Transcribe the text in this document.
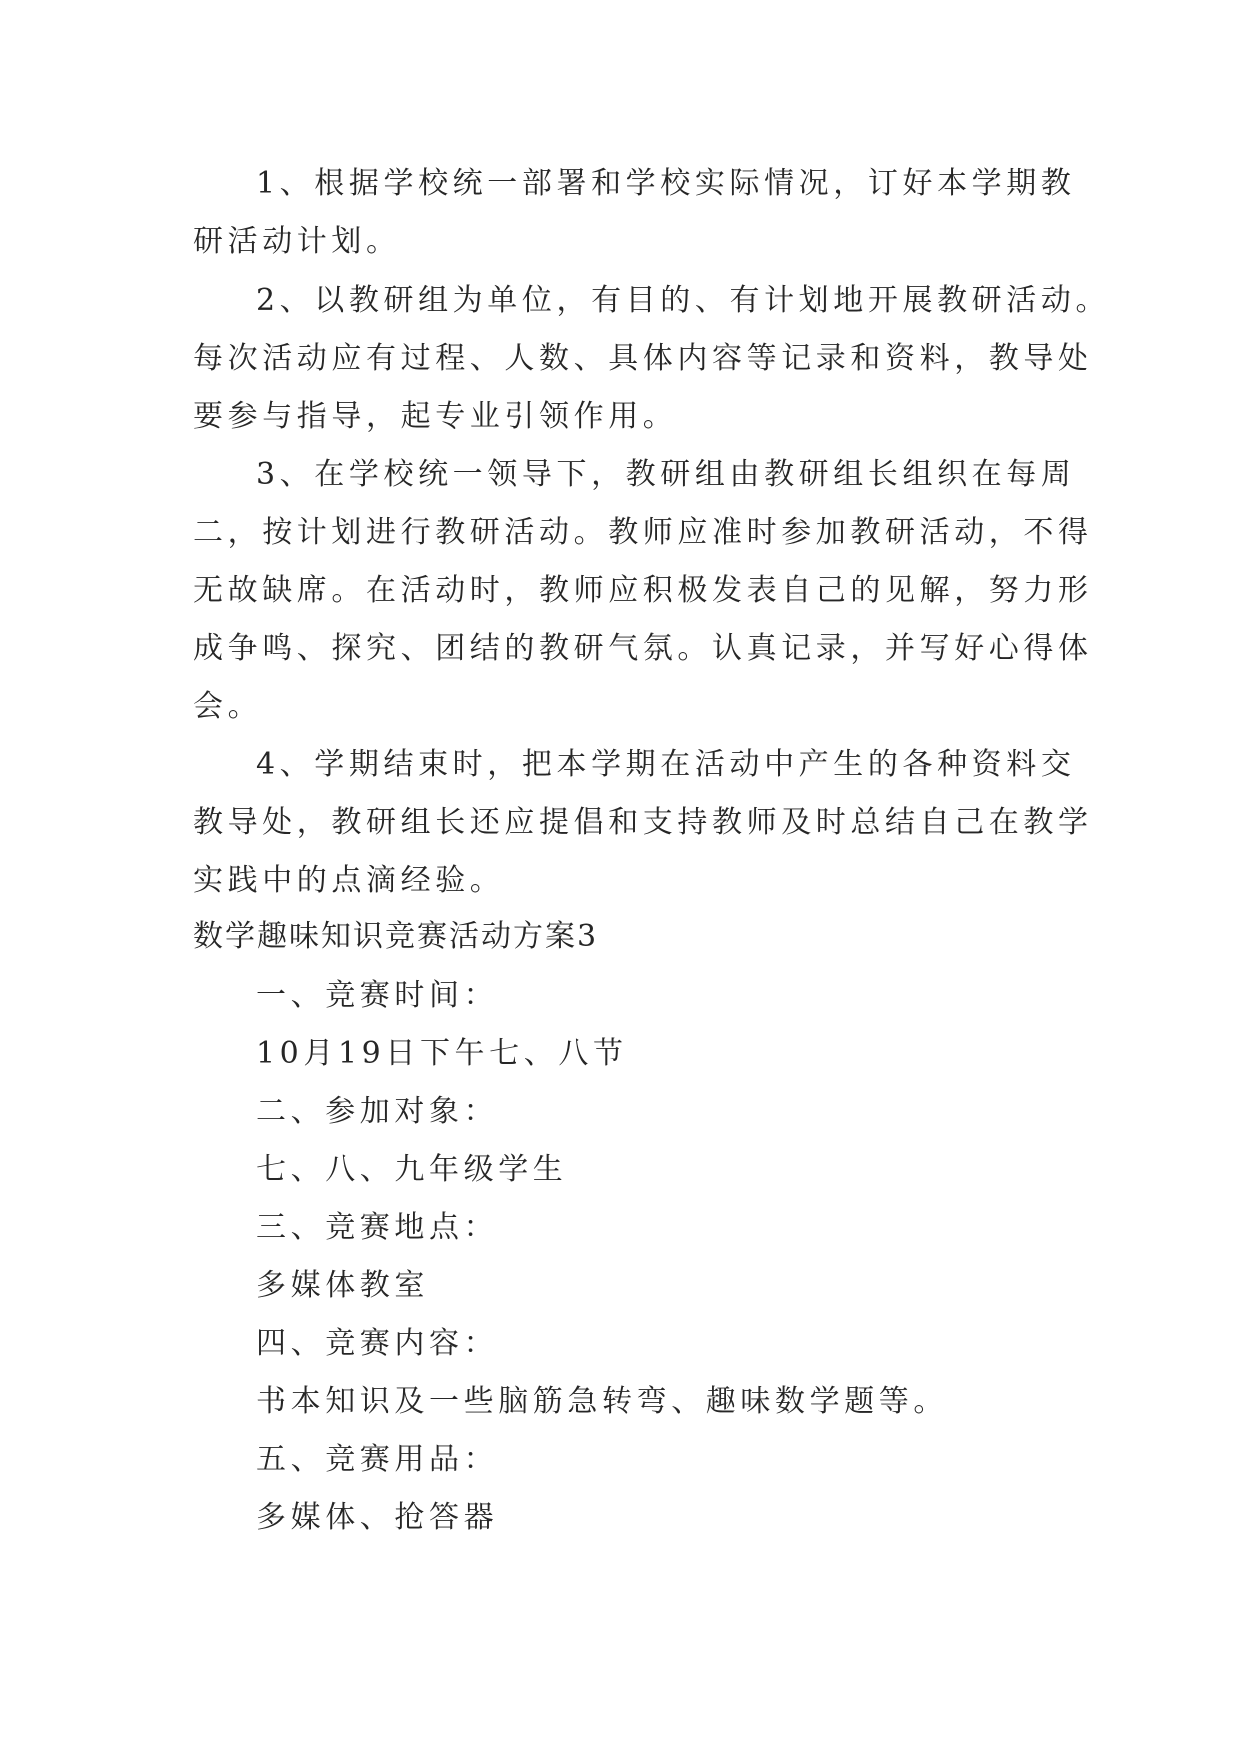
1、根据学校统一部署和学校实际情况，订好本学期教
研活动计划。
2、以教研组为单位，有目的、有计划地开展教研活动。
每次活动应有过程、人数、具体内容等记录和资料，教导处
要参与指导，起专业引领作用。
3、在学校统一领导下，教研组由教研组长组织在每周
二，按计划进行教研活动。教师应准时参加教研活动，不得
无故缺席。在活动时，教师应积极发表自己的见解，努力形
成争鸣、探究、团结的教研气氛。认真记录，并写好心得体
会。
4、学期结束时，把本学期在活动中产生的各种资料交
教导处，教研组长还应提倡和支持教师及时总结自己在教学
实践中的点滴经验。
数学趣味知识竞赛活动方案3
一、竞赛时间：
10月19日下午七、八节
二、参加对象：
七、八、九年级学生
三、竞赛地点：
多媒体教室
四、竞赛内容：
书本知识及一些脑筋急转弯、趣味数学题等。
五、竞赛用品：
多媒体、抢答器
